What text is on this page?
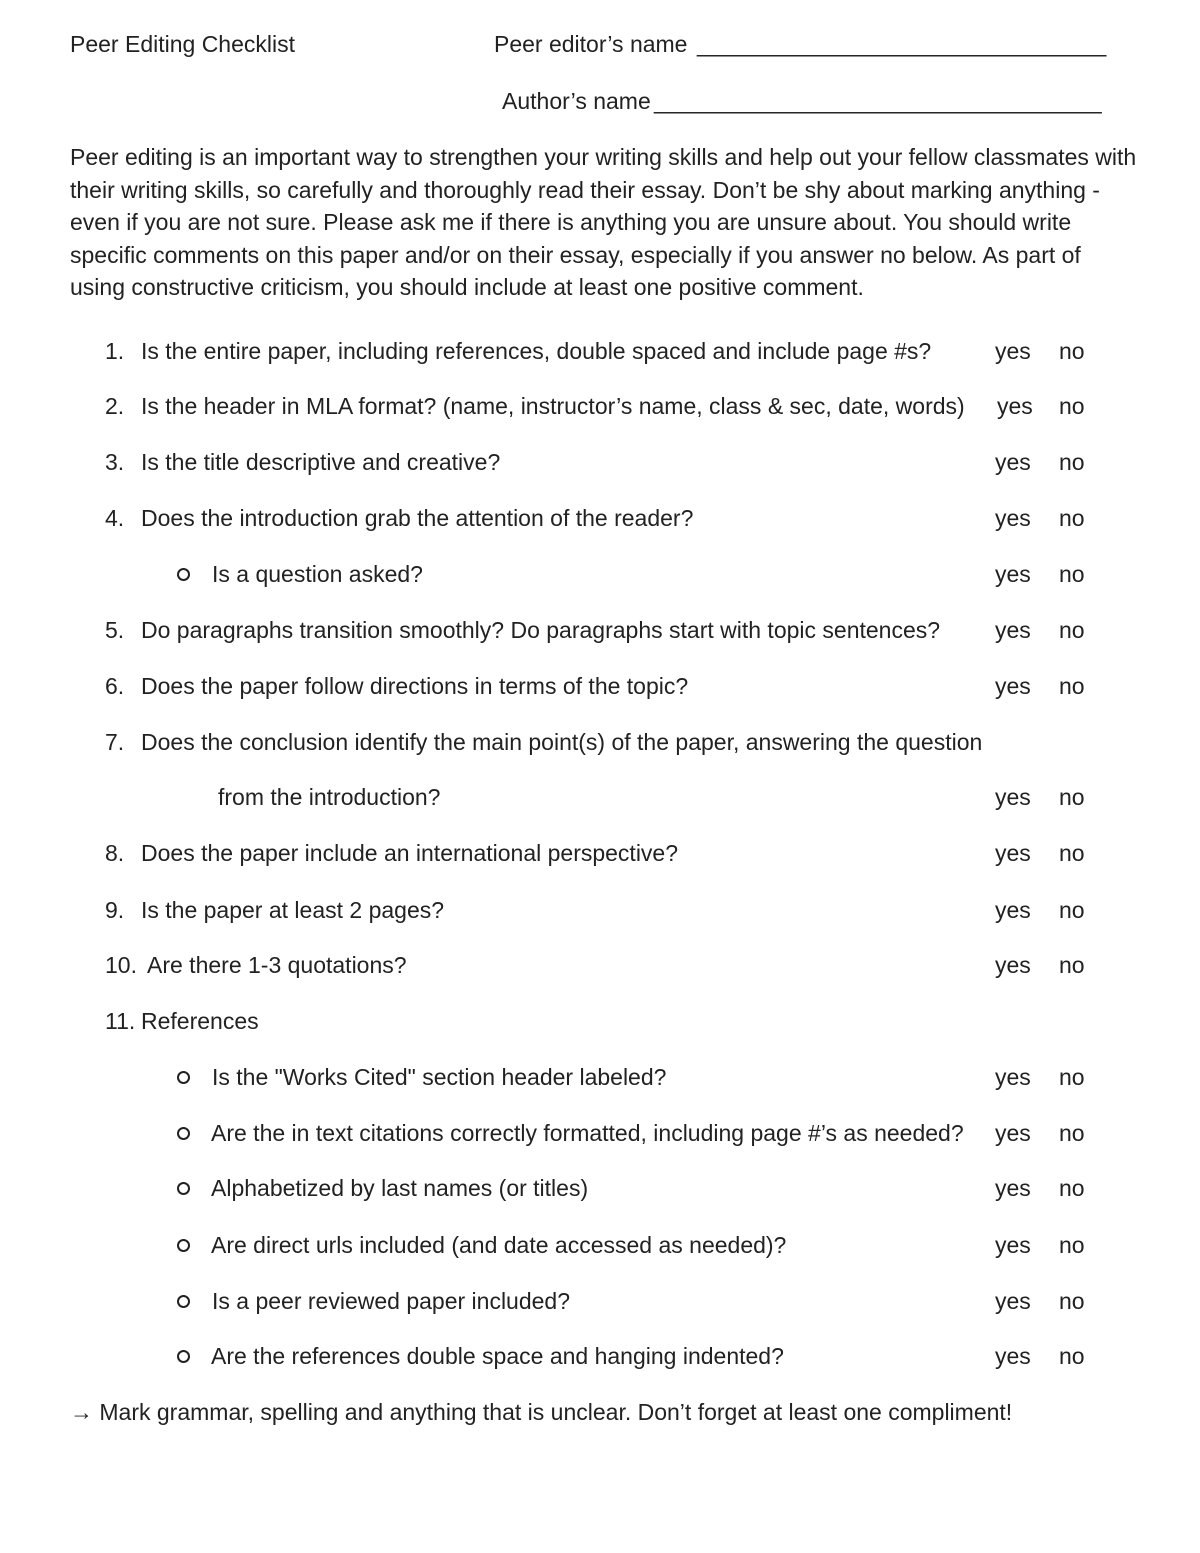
Peer Editing Checklist	Peer editor’s name ________________________________
Author’s name ___________________________________
Peer editing is an important way to strengthen your writing skills and help out your fellow classmates with their writing skills, so carefully and thoroughly read their essay. Don’t be shy about marking anything - even if you are not sure. Please ask me if there is anything you are unsure about. You should write specific comments on this paper and/or on their essay, especially if you answer no below. As part of using constructive criticism, you should include at least one positive comment.
1. Is the entire paper, including references, double spaced and include page #s?	yes no
2. Is the header in MLA format? (name, instructor’s name, class & sec, date, words) yes no
3. Is the title descriptive and creative?	yes no
4. Does the introduction grab the attention of the reader?	yes no
Is a question asked?	yes no
5. Do paragraphs transition smoothly? Do paragraphs start with topic sentences? yes no
6. Does the paper follow directions in terms of the topic?	yes no
7. Does the conclusion identify the main point(s) of the paper, answering the question
from the introduction?	yes no
8. Does the paper include an international perspective?	yes no
9. Is the paper at least 2 pages?	yes no
10. Are there 1-3 quotations?	yes no
11. References
Is the "Works Cited" section header labeled?	yes no
Are the in text citations correctly formatted, including page #’s as needed? yes no
Alphabetized by last names (or titles)	yes no
Are direct urls included (and date accessed as needed)?	yes no
Is a peer reviewed paper included?	yes no
Are the references double space and hanging indented?	yes no
→ Mark grammar, spelling and anything that is unclear. Don’t forget at least one compliment!
